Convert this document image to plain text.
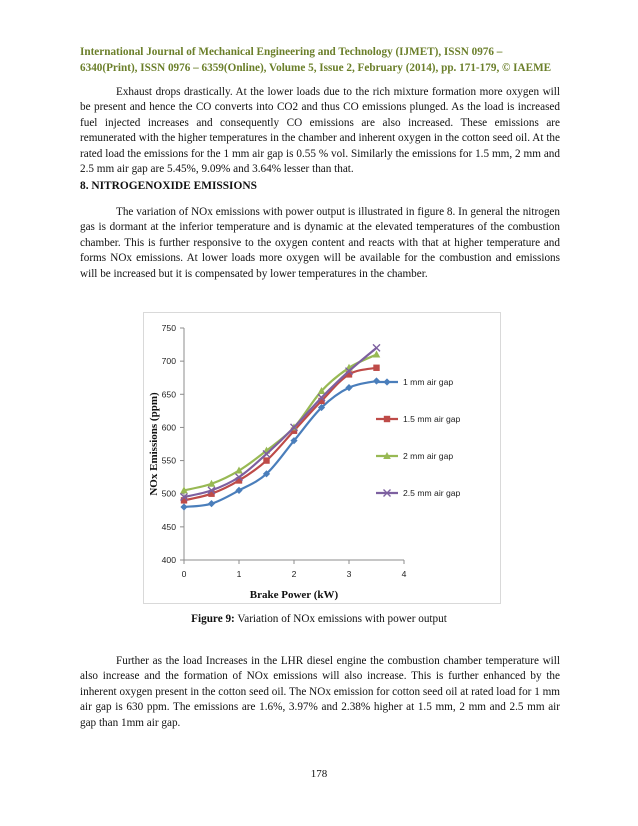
International Journal of Mechanical Engineering and Technology (IJMET), ISSN 0976 –
6340(Print), ISSN 0976 – 6359(Online), Volume 5, Issue 2, February (2014), pp. 171-179, © IAEME

Exhaust drops drastically. At the lower loads due to the rich mixture formation more oxygen will be present and hence the CO converts into CO2 and thus CO emissions plunged. As the load is increased fuel injected increases and consequently CO emissions are also increased. These emissions are remunerated with the higher temperatures in the chamber and inherent oxygen in the cotton seed oil. At the rated load the emissions for the 1 mm air gap is 0.55 % vol. Similarly the emissions for 1.5 mm, 2 mm and 2.5 mm air gap are 5.45%, 9.09% and 3.64% lesser than that.

8. NITROGENOXIDE EMISSIONS

The variation of NOx emissions with power output is illustrated in figure 8. In general the nitrogen gas is dormant at the inferior temperature and is dynamic at the elevated temperatures of the combustion chamber. This is further responsive to the oxygen content and reacts with that at higher temperature and forms NOx emissions. At lower loads more oxygen will be available for the combustion and emissions will be increased but it is compensated by lower temperatures in the chamber.

400
450
500
550
600
650
700
750
0	1	2	3	4
Brake Power (kW)
NOx Emissions (ppm)
1 mm air gap
1.5 mm air gap
2 mm air gap
2.5 mm air gap
Figure 9: Variation of NOx emissions with power output

Further as the load Increases in the LHR diesel engine the combustion chamber temperature will also increase and the formation of NOx emissions will also increase. This is further enhanced by the inherent oxygen present in the cotton seed oil. The NOx emission for cotton seed oil at rated load for 1 mm air gap is 630 ppm. The emissions are 1.6%, 3.97% and 2.38% higher at 1.5 mm, 2 mm and 2.5 mm air gap than 1mm air gap.

178
